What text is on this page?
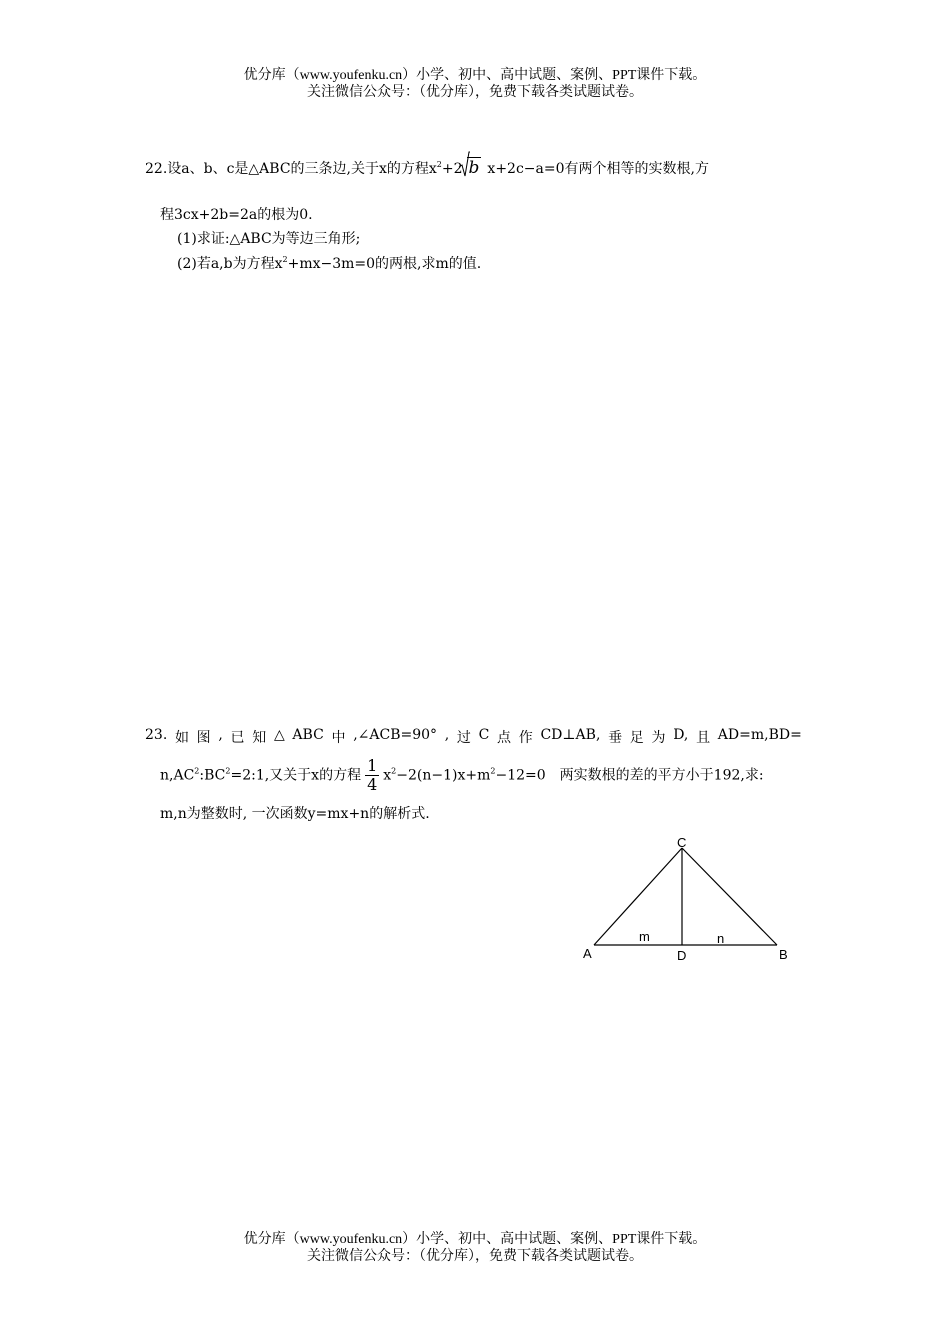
优分库（www.youfenku.cn）小学、初中、高中试题、案例、PPT课件下载。
关注微信公众号：（优分库），免费下载各类试题试卷。
22.设a、b、c是△ABC的三条边,关于x的方程$x^2+2$ b x+2c−a=0有两个相等的实数根,方
程3cx+2b=2a的根为0.
(1)求证:△ABC为等边三角形;
(2)若a,b为方程$x^2+mx-3m=0$的两根,求m的值.
23. 如 图 , 已 知 △ ABC 中 ,∠ACB=90° , 过 C 点 作 CD⊥AB, 垂 足 为 D, 且 AD=m,BD=
$n,AC^2:BC^2=2:1$,又关于x的方程 $\frac{1}{4} x^2-2(n-1)x+m^2-12=0$　两实数根的差的平方小于192,求:
m,n为整数时, 一次函数y=mx+n的解析式.
C
A	D	B
m	n
优分库（www.youfenku.cn）小学、初中、高中试题、案例、PPT课件下载。
关注微信公众号：（优分库），免费下载各类试题试卷。
